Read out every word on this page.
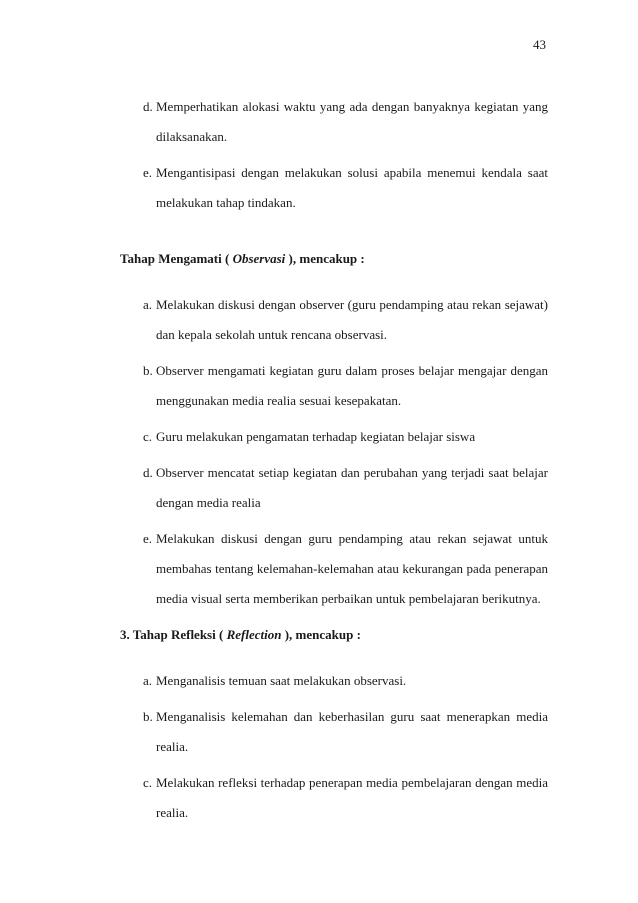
43
d. Memperhatikan alokasi waktu yang ada dengan banyaknya kegiatan yang dilaksanakan.
e. Mengantisipasi dengan melakukan solusi apabila menemui kendala saat melakukan tahap tindakan.

Tahap Mengamati ( Observasi ), mencakup :

a. Melakukan diskusi dengan observer (guru pendamping atau rekan sejawat) dan kepala sekolah untuk rencana observasi.
b. Observer mengamati kegiatan guru dalam proses belajar mengajar dengan menggunakan media realia sesuai kesepakatan.
c. Guru melakukan pengamatan terhadap kegiatan belajar siswa
d. Observer mencatat setiap kegiatan dan perubahan yang terjadi saat belajar dengan media realia
e. Melakukan diskusi dengan guru pendamping atau rekan sejawat untuk membahas tentang kelemahan-kelemahan atau kekurangan pada penerapan media visual serta memberikan perbaikan untuk pembelajaran berikutnya.

3. Tahap Refleksi ( Reflection ), mencakup :

a. Menganalisis temuan saat melakukan observasi.
b. Menganalisis kelemahan dan keberhasilan guru saat menerapkan media realia.
c. Melakukan refleksi terhadap penerapan media pembelajaran dengan media realia.
